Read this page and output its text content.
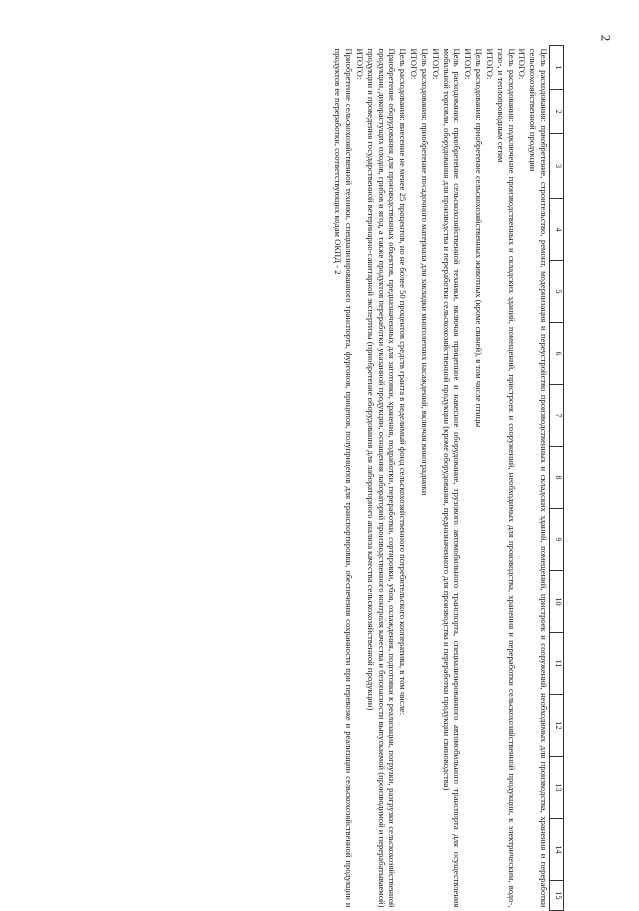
2
1	2	3	4	5	6	7	8	9	10	11	12	13	14	15
Цель расходования: приобретение, строительство, ремонт, модернизация и переустройство производственных и складских зданий, помещений, пристроек и сооружений, необходимых для производства, хранения и переработки сельскохозяйственной продукции
ИТОГО:
Цель расходования: подключение производственных и складских зданий, помещений, пристроек и сооружений, необходимых для производства, хранения и переработки сельскохозяйственной продукции, к электрическим, водо-, газо-, и теплопроводным сетям
ИТОГО:
Цель расходования: приобретение сельскохозяйственных животных (кроме свиней), в том числе птицы
ИТОГО:
Цель расходования: приобретение сельскохозяйственной техники, включая прицепное и навесное оборудование, грузового автомобильного транспорта, специализированного автомобильного транспорта для осуществления мобильной торговли, оборудования для производства и переработки сельскохозяйственной продукции (кроме оборудования, предназначенного для производства и переработки продукции свиноводства)
ИТОГО:
Цель расходования: приобретение посадочного материала для закладки многолетних насаждений, включая виноградники
ИТОГО:
Цель расходования: внесение не менее 25 процентов, но не более 50 процентов средств гранта в неделимый фонд сельскохозяйственного потребительского кооператива, в том числе:
Приобретение оборудования для производственных объектов, предназначенных для заготовки, хранения, подработки, переработки, сортировки, убоя, охлаждения, подготовки к реализации, погрузки, разгрузки сельскохозяйственной продукции, дикорастущих плодов, грибов и ягод, а также продуктов переработки указанной продукции, оснащения лабораторий производственного контроля качества и безопасности выпускаемой (производимой и перерабатываемой) продукции и проведения государственной ветеринарно-санитарной экспертизы (приобретение оборудования для лабораторного анализа качества сельскохозяйственной продукции)
ИТОГО:
Приобретение сельскохозяйственной техники, специализированного транспорта, фургонов, прицепов, полуприцепов для транспортировки, обеспечения сохранности при перевозке и реализации сельскохозяйственной продукции и продуктов ее переработки, соответствующих кодам ОКПД - 2
